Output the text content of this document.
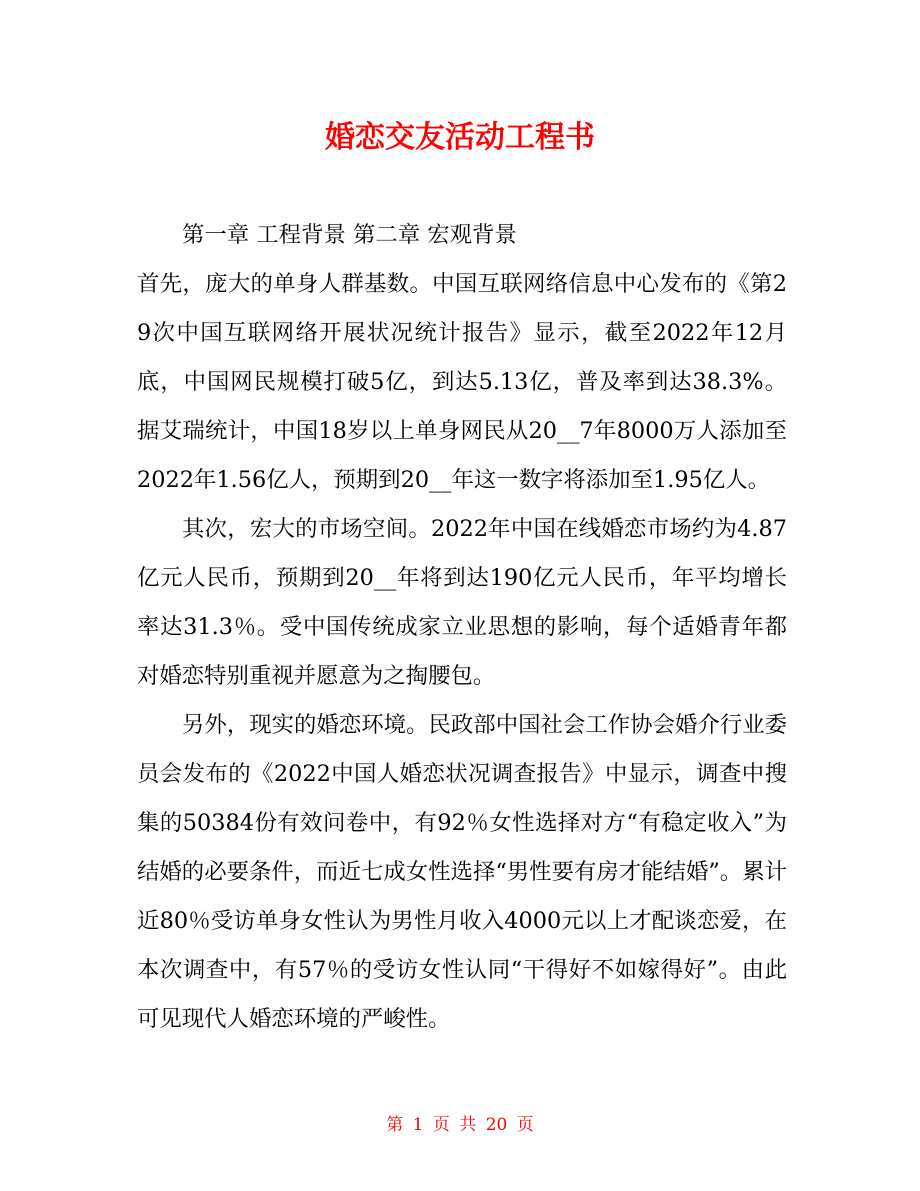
婚恋交友活动工程书

第一章 工程背景 第二章 宏观背景

首先，庞大的单身人群基数。中国互联网络信息中心发布的《第29次中国互联网络开展状况统计报告》显示，截至2022年12月底，中国网民规模打破5亿，到达5.13亿，普及率到达38.3%。据艾瑞统计，中国18岁以上单身网民从20__7年8000万人添加至2022年1.56亿人，预期到20__年这一数字将添加至1.95亿人。

其次，宏大的市场空间。2022年中国在线婚恋市场约为4.87亿元人民币，预期到20__年将到达190亿元人民币，年平均增长率达31.3％。受中国传统成家立业思想的影响，每个适婚青年都对婚恋特别重视并愿意为之掏腰包。

另外，现实的婚恋环境。民政部中国社会工作协会婚介行业委员会发布的《2022中国人婚恋状况调查报告》中显示，调查中搜集的50384份有效问卷中，有92％女性选择对方“有稳定收入”为结婚的必要条件，而近七成女性选择“男性要有房才能结婚”。累计近80％受访单身女性认为男性月收入4000元以上才配谈恋爱，在本次调查中，有57％的受访女性认同“干得好不如嫁得好”。由此可见现代人婚恋环境的严峻性。

第 1 页 共 20 页
